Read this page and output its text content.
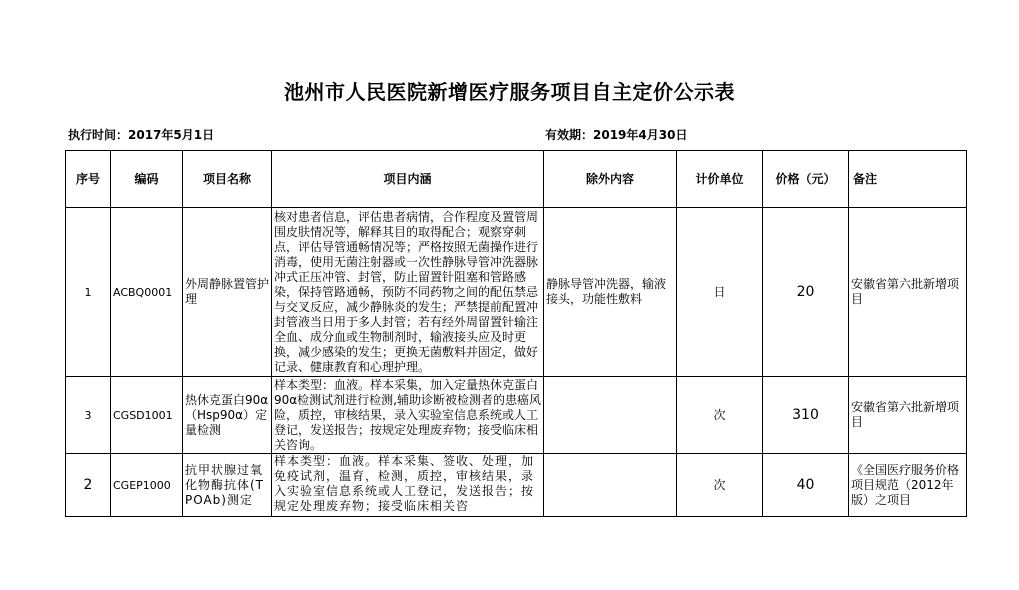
池州市人民医院新增医疗服务项目自主定价公示表
执行时间：2017年5月1日	有效期：2019年4月30日
序号	编码	项目名称	项目内涵	除外内容	计价单位	价格（元）	备注
1	ACBQ0001	外周静脉置管护理	核对患者信息，评估患者病情，合作程度及置管周围皮肤情况等，解释其目的取得配合；观察穿刺点，评估导管通畅情况等；严格按照无菌操作进行消毒，使用无菌注射器或一次性静脉导管冲洗器脉冲式正压冲管、封管，防止留置针阻塞和管路感染，保持管路通畅，预防不同药物之间的配伍禁忌与交叉反应，减少静脉炎的发生；严禁提前配置冲封管液当日用于多人封管；若有经外周留置针输注全血、成分血或生物制剂时，输液接头应及时更换，减少感染的发生；更换无菌敷料并固定，做好记录、健康教育和心理护理。	静脉导管冲洗器，输液接头，功能性敷料	日	20	安徽省第六批新增项目
3	CGSD1001	热休克蛋白90α（Hsp90α）定量检测	样本类型：血液。样本采集，加入定量热休克蛋白90α检测试剂进行检测,辅助诊断被检测者的患癌风险，质控，审核结果，录入实验室信息系统或人工登记，发送报告；按规定处理废弃物；接受临床相关咨询。		次	310	安徽省第六批新增项目
2	CGEP1000	抗甲状腺过氧化物酶抗体(TPOAb)测定	样本类型：血液。样本采集、签收、处理，加免疫试剂，温育，检测，质控，审核结果，录入实验室信息系统或人工登记，发送报告；按规定处理废弃物；接受临床相关咨		次	40	《全国医疗服务价格项目规范（2012年版）之项目
